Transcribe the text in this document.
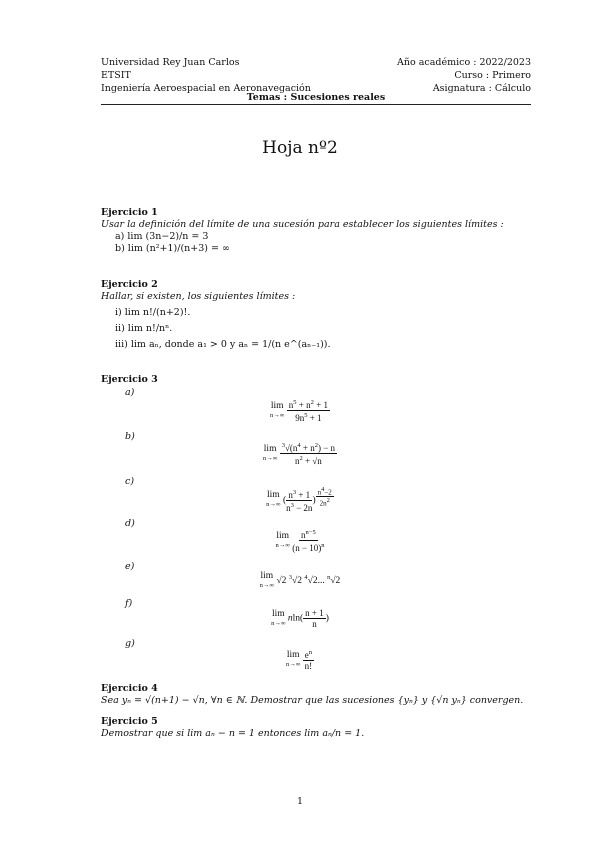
Universidad Rey Juan Carlos
ETSIT
Ingeniería Aeroespacial en Aeronavegación
Año académico : 2022/2023
Curso : Primero
Asignatura : Cálculo
Temas : Sucesiones reales
Hoja nº2
Ejercicio 1
Usar la definición del límite de una sucesión para establecer los siguientes límites :
a) lim (3n−2)/n = 3
b) lim (n²+1)/(n+3) = ∞
Ejercicio 2
Hallar, si existen, los siguientes límites :
i) lim n!/(n+2)!.
ii) lim n!/nⁿ.
iii) lim aₙ, donde a₁ > 0 y aₙ = 1/(n e^(aₙ₋₁)).
Ejercicio 3
a)
b)
c)
d)
e)
f)
g)
lim
n→∞
$\frac{n^5 + n^2 + 1}{9n^5 + 1}$
lim
n→∞
$\frac{^3√(n^4 + n^2) - n}{n^2 + √n}$
lim
n→∞ ( $\frac{n^3 + 1}{n^3 - 2n}$ ) $^{\frac{n^4-2}{2n^2}}$
lim
n→∞
$\frac{n^{n-5}}{(n - 10)^n}$
lim
n→∞ √2 $^3$√2 $^4$√2... $^n$√2
lim
n→∞ $nln( \frac{n + 1}{n}$ )
lim
n→∞
$\frac{e^n}{n!}$
Ejercicio 4
Sea yₙ = √(n+1) − √n, ∀n ∈ ℕ. Demostrar que las sucesiones {yₙ} y {√n yₙ} convergen.
Ejercicio 5
Demostrar que si lim aₙ − n = 1 entonces lim aₙ/n = 1.
1
